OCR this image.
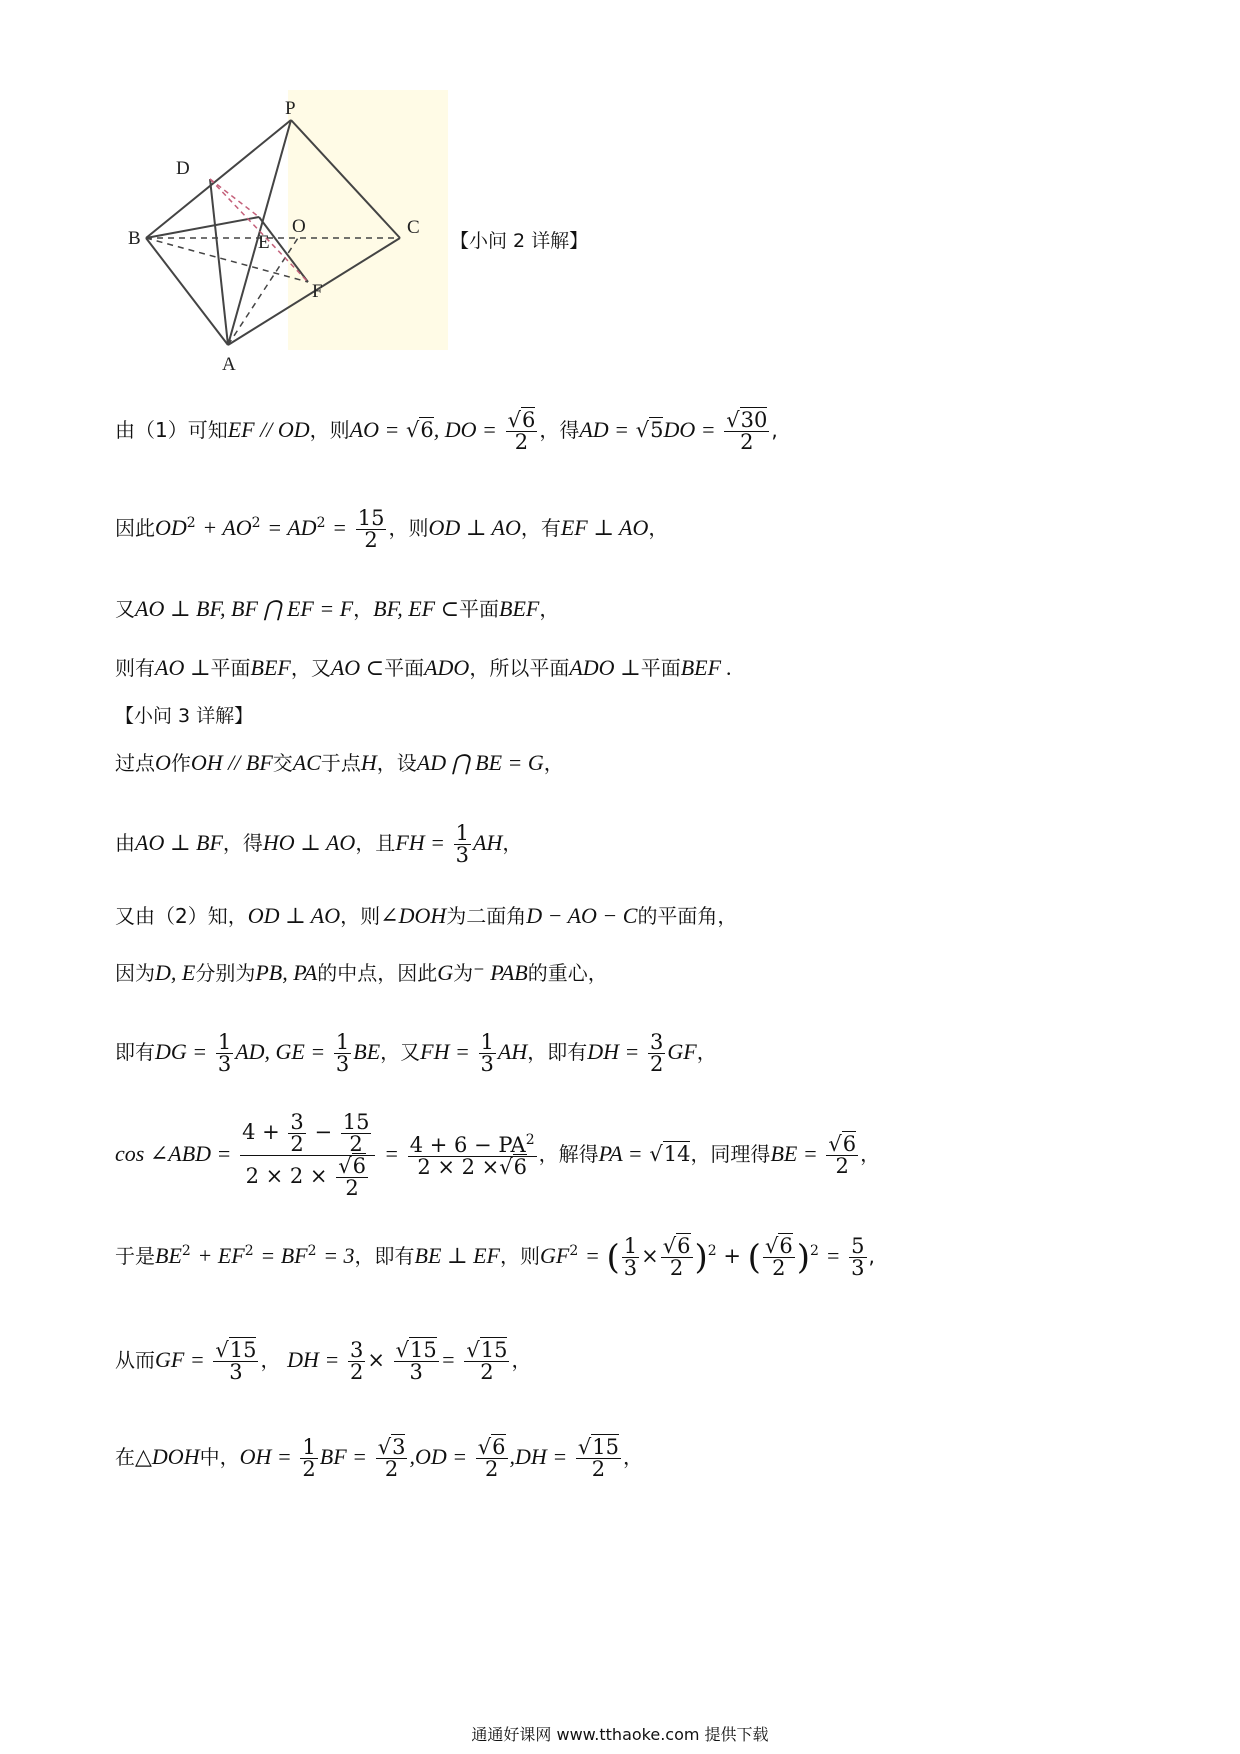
P
D
B
O
E
C
F
A
【小问 2 详解】
由（1）可知EF // OD，则AO = √6, DO = $\frac{√6}{2}$ ，得AD = $√5DO = \frac{√30}{2}$ ,
因此$OD^2 + AO^2 = AD^2 = \frac{15}{2}$ ，则OD ⊥ AO，有EF ⊥ AO，
又AO ⊥ BF, BF ⋂ EF = F，BF, EF ⊂平面BEF，
则有AO ⊥平面BEF，又AO ⊂平面ADO，所以平面ADO ⊥平面BEF .
【小问 3 详解】
过点O作OH // BF交AC于点H，设AD ⋂ BE = G，
由AO ⊥ BF，得HO ⊥ AO，且FH = $\frac{1}{3}$ AH，
又由（2）知，OD ⊥ AO，则∠DOH为二面角D − AO − C的平面角，
因为D, E分别为PB, PA的中点，因此G为⁻ PAB的重心，
即有DG = $\frac{1}{3}$ AD, GE = $\frac{1}{3}$ BE，又FH = $\frac{1}{3}$ AH，即有DH = $\frac{3}{2}$ GF，
cos ∠ABD = $\frac{4 + \frac{3}{2} - \frac{15}{2}}{2 \times 2 \times \frac{√6}{2}} = \frac{4 + 6 - PA^2}{2 \times 2 \times√6}$ ，解得PA = √14，同理得BE = $\frac{√6}{2}$ ，
于是$BE^2 + EF^2 = BF^2 = 3$，即有BE ⊥ EF，则$GF^2$ = ( $\frac{1}{3} \times \frac{√6}{2} )^2$ + ( $\frac{√6}{2} )^2 = \frac{5}{3}$ ,
从而GF = $\frac{√15}{3}$ ， DH = $\frac{3}{2} \times \frac{√15}{3} = \frac{√15}{2}$ ，
在△DOH中，OH = $\frac{1}{2}$ BF = $\frac{√3}{2} ,OD = \frac{√6}{2} ,DH = \frac{√15}{2}$ ，
通通好课网 www.tthaoke.com 提供下载
